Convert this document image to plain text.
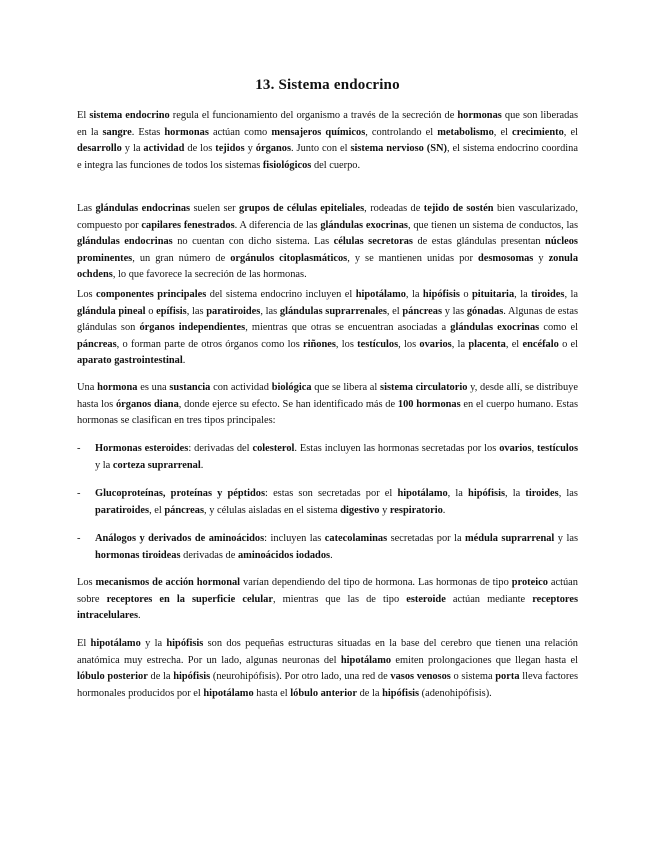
13. Sistema endocrino
El sistema endocrino regula el funcionamiento del organismo a través de la secreción de hormonas que son liberadas en la sangre. Estas hormonas actúan como mensajeros químicos, controlando el metabolismo, el crecimiento, el desarrollo y la actividad de los tejidos y órganos. Junto con el sistema nervioso (SN), el sistema endocrino coordina e integra las funciones de todos los sistemas fisiológicos del cuerpo.
Las glándulas endocrinas suelen ser grupos de células epiteliales, rodeadas de tejido de sostén bien vascularizado, compuesto por capilares fenestrados. A diferencia de las glándulas exocrinas, que tienen un sistema de conductos, las glándulas endocrinas no cuentan con dicho sistema. Las células secretoras de estas glándulas presentan núcleos prominentes, un gran número de orgánulos citoplasmáticos, y se mantienen unidas por desmosomas y zonula ochdens, lo que favorece la secreción de las hormonas.
Los componentes principales del sistema endocrino incluyen el hipotálamo, la hipófisis o pituitaria, la tiroides, la glándula pineal o epífisis, las paratiroides, las glándulas suprarrenales, el páncreas y las gónadas. Algunas de estas glándulas son órganos independientes, mientras que otras se encuentran asociadas a glándulas exocrinas como el páncreas, o forman parte de otros órganos como los riñones, los testículos, los ovarios, la placenta, el encéfalo o el aparato gastrointestinal.
Una hormona es una sustancia con actividad biológica que se libera al sistema circulatorio y, desde allí, se distribuye hasta los órganos diana, donde ejerce su efecto. Se han identificado más de 100 hormonas en el cuerpo humano. Estas hormonas se clasifican en tres tipos principales:
-	Hormonas esteroides: derivadas del colesterol. Estas incluyen las hormonas secretadas por los ovarios, testículos y la corteza suprarrenal.
-	Glucoproteínas, proteínas y péptidos: estas son secretadas por el hipotálamo, la hipófisis, la tiroides, las paratiroides, el páncreas, y células aisladas en el sistema digestivo y respiratorio.
-	Análogos y derivados de aminoácidos: incluyen las catecolaminas secretadas por la médula suprarrenal y las hormonas tiroideas derivadas de aminoácidos iodados.
Los mecanismos de acción hormonal varían dependiendo del tipo de hormona. Las hormonas de tipo proteico actúan sobre receptores en la superficie celular, mientras que las de tipo esteroide actúan mediante receptores intracelulares.
El hipotálamo y la hipófisis son dos pequeñas estructuras situadas en la base del cerebro que tienen una relación anatómica muy estrecha. Por un lado, algunas neuronas del hipotálamo emiten prolongaciones que llegan hasta el lóbulo posterior de la hipófisis (neurohipófisis). Por otro lado, una red de vasos venosos o sistema porta lleva factores hormonales producidos por el hipotálamo hasta el lóbulo anterior de la hipófisis (adenohipófisis).
